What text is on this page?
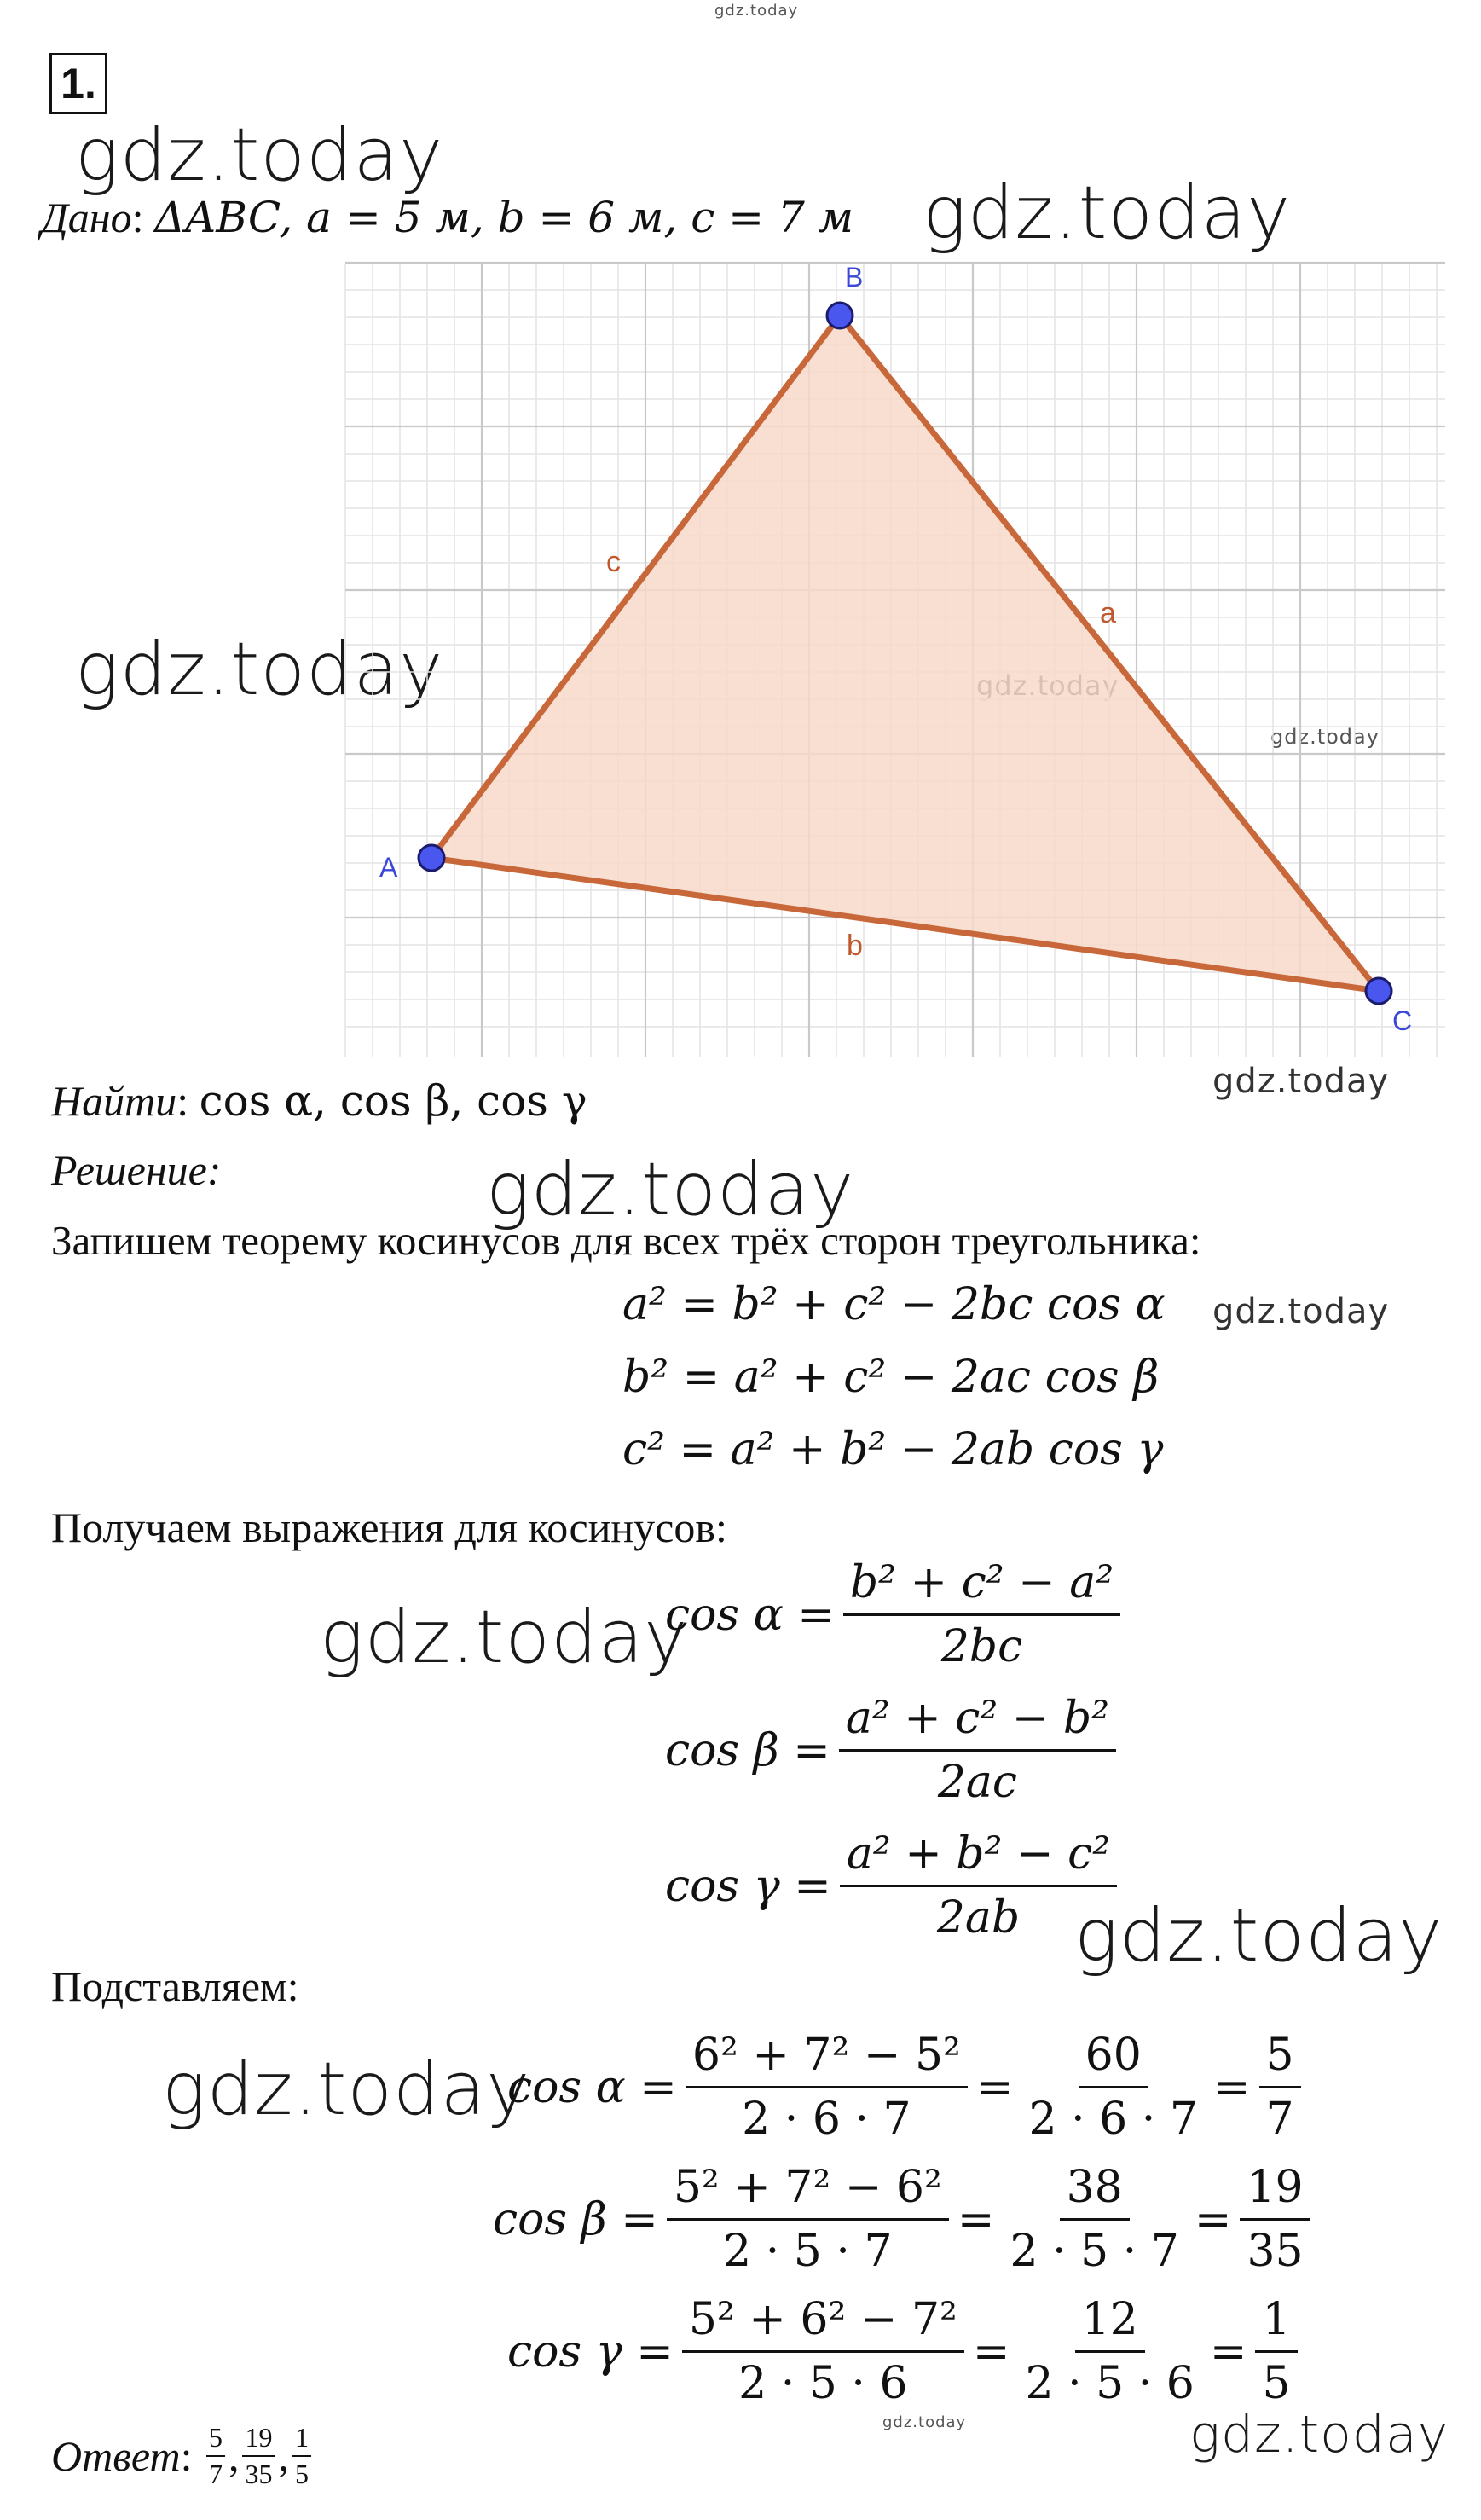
gdz.today
gdz.today
gdz.today
gdz.today
gdz.today
gdz.today
gdz.today
gdz.today
gdz.today
gdz.today
gdz.today
gdz.today	gdz.today
1.
Дано: ΔABC, a = 5 м, b = 6 м, c = 7 м
A
B
C
c
a
b
Найти: cos α, cos β, cos γ
Решение:
Запишем теорему косинусов для всех трёх сторон треугольника:
a² = b² + c² − 2bc cos α
b² = a² + c² − 2ac cos β
c² = a² + b² − 2ab cos γ
Получаем выражения для косинусов:
$\cos \alpha = \frac{\text{b² + c² − a²}}{2bc}$
$\cos \beta = \frac{\text{a² + c² − b²}}{2ac}$
$\cos \gamma = \frac{\text{a² + b² − c²}}{2ab}$
Подставляем:
$\cos \alpha = \frac{\text{6² + 7² − 5²}}{2 \cdot 6 \cdot 7} = \frac{60}{2 \cdot 6 \cdot 7} = \frac{5}{7}$
$\cos \beta = \frac{\text{5² + 7² − 6²}}{2 \cdot 5 \cdot 7} = \frac{38}{2 \cdot 5 \cdot 7} = \frac{19}{35}$
$\cos \gamma = \frac{\text{5² + 6² − 7²}}{2 \cdot 5 \cdot 6} = \frac{12}{2 \cdot 5 \cdot 6} = \frac{1}{5}$
Ответ : $\frac{5}{7}$ , $\frac{19}{35}$ , $\frac{1}{5}$
